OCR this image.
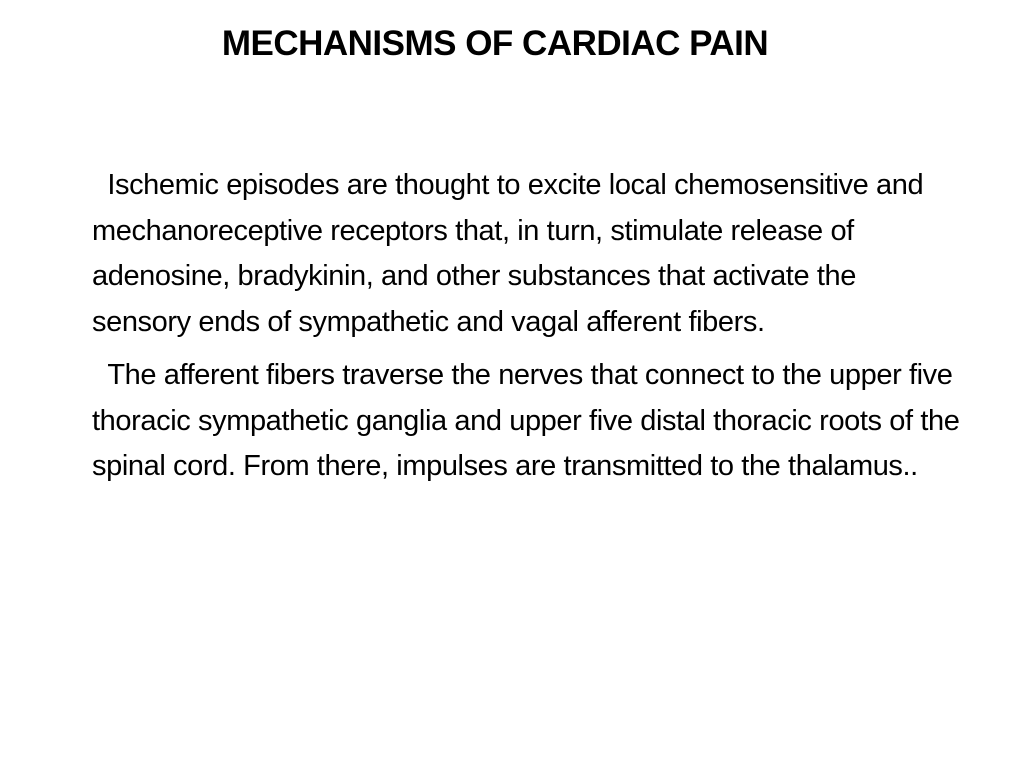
MECHANISMS OF CARDIAC PAIN

Ischemic episodes are thought to excite local chemosensitive and mechanoreceptive receptors that, in turn, stimulate release of adenosine, bradykinin, and other substances that activate the sensory ends of sympathetic and vagal afferent fibers.

The afferent fibers traverse the nerves that connect to the upper five thoracic sympathetic ganglia and upper five distal thoracic roots of the spinal cord. From there, impulses are transmitted to the thalamus..
